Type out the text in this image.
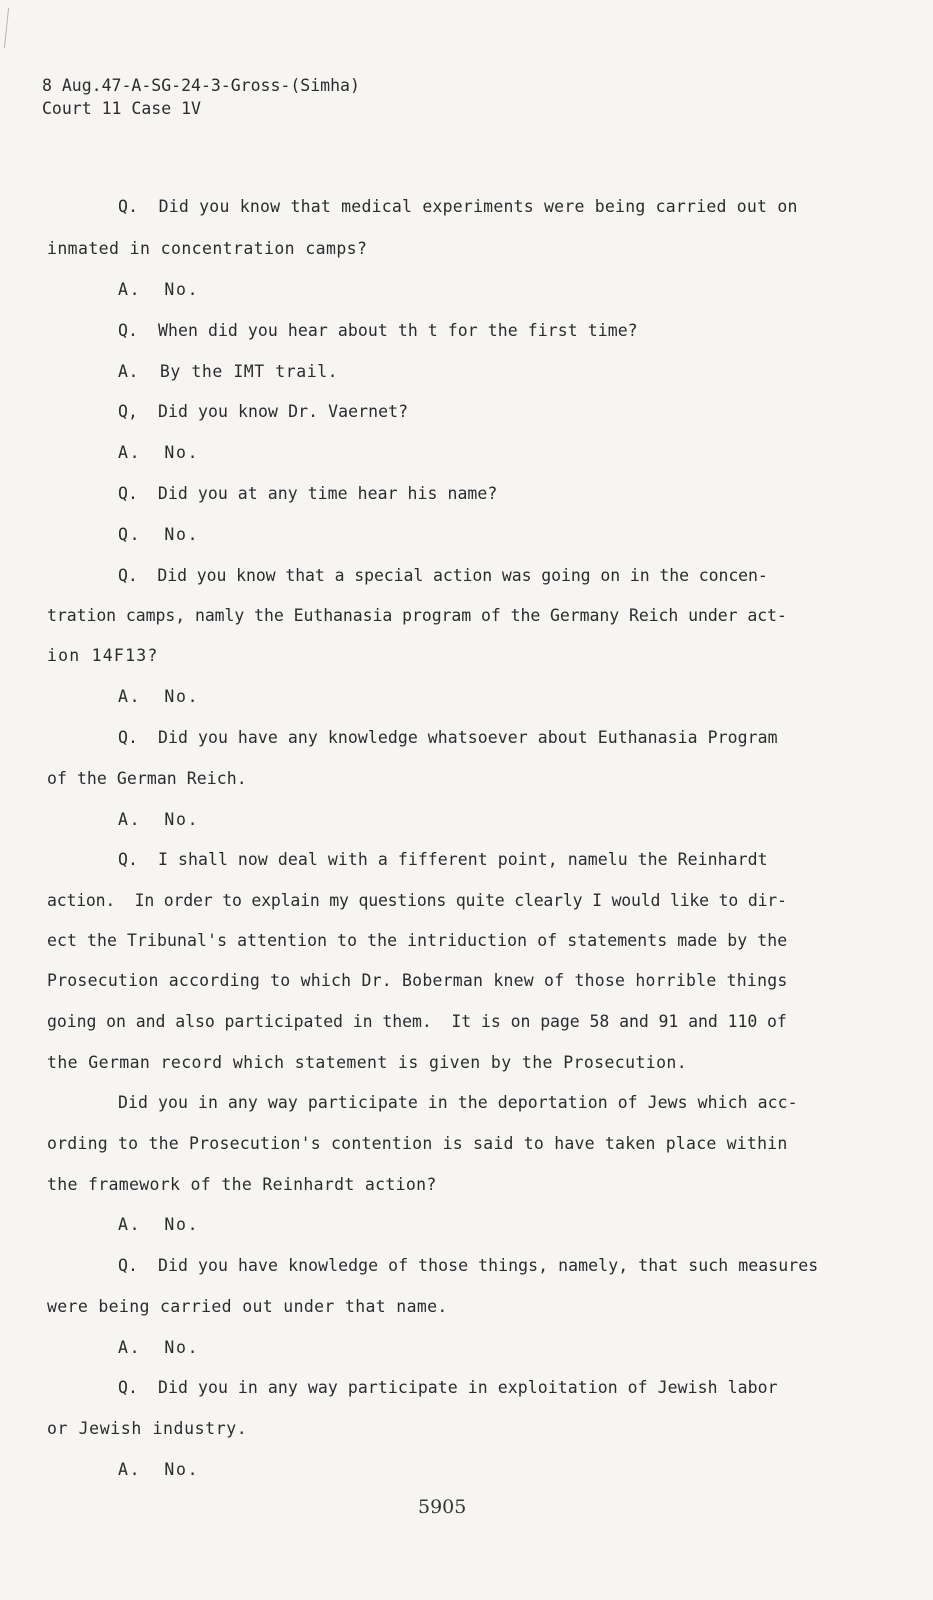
8 Aug.47-A-SG-24-3-Gross-(Simha)
Court 11 Case 1V
Q.  Did you know that medical experiments were being carried out on
inmated in concentration camps?
A.  No.
Q.  When did you hear about th t for the first time?
A.  By the IMT trail.
Q,  Did you know Dr. Vaernet?
A.  No.
Q.  Did you at any time hear his name?
Q.  No.
Q.  Did you know that a special action was going on in the concen-
tration camps, namly the Euthanasia program of the Germany Reich under act-
ion 14F13?
A.  No.
Q.  Did you have any knowledge whatsoever about Euthanasia Program
of the German Reich.
A.  No.
Q.  I shall now deal with a fifferent point, namelu the Reinhardt
action.  In order to explain my questions quite clearly I would like to dir-
ect the Tribunal's attention to the intriduction of statements made by the
Prosecution according to which Dr. Boberman knew of those horrible things
going on and also participated in them.  It is on page 58 and 91 and 110 of
the German record which statement is given by the Prosecution.
Did you in any way participate in the deportation of Jews which acc-
ording to the Prosecution's contention is said to have taken place within
the framework of the Reinhardt action?
A.  No.
Q.  Did you have knowledge of those things, namely, that such measures
were being carried out under that name.
A.  No.
Q.  Did you in any way participate in exploitation of Jewish labor
or Jewish industry.
A.  No.
5905
